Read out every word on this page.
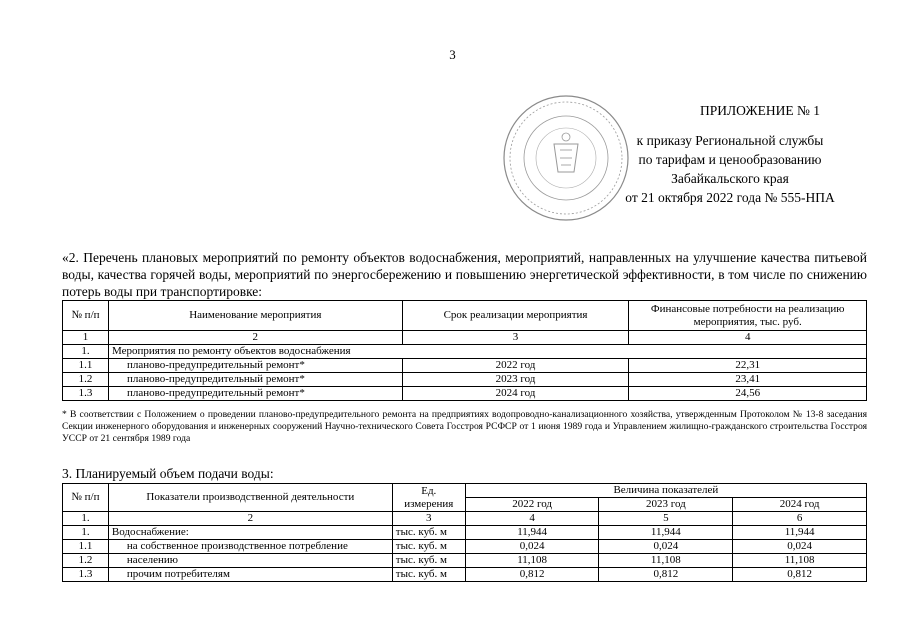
3
ПРИЛОЖЕНИЕ № 1
к приказу Региональной службы
по тарифам и ценообразованию
Забайкальского края
от 21 октября 2022 года № 555-НПА
«2. Перечень плановых мероприятий по ремонту объектов водоснабжения, мероприятий, направленных на улучшение качества питьевой воды, качества горячей воды, мероприятий по энергосбережению и повышению энергетической эффективности, в том числе по снижению потерь воды при транспортировке:
№ п/п	Наименование мероприятия	Срок реализации мероприятия	Финансовые потребности на реализацию мероприятия, тыс. руб.
1	2	3	4
1.	Мероприятия по ремонту объектов водоснабжения		
1.1	планово-предупредительный ремонт*	2022 год	22,31
1.2	планово-предупредительный ремонт*	2023 год	23,41
1.3	планово-предупредительный ремонт*	2024 год	24,56
* В соответствии с Положением о проведении планово-предупредительного ремонта на предприятиях водопроводно-канализационного хозяйства, утвержденным Протоколом № 13-8 заседания Секции инженерного оборудования и инженерных сооружений Научно-технического Совета Госстроя РСФСР от 1 июня 1989 года и Управлением жилищно-гражданского строительства Госстроя УССР от 21 сентября 1989 года
3. Планируемый объем подачи воды:
№ п/п	Показатели производственной деятельности	Ед. измерения	Величина показателей		
			2022 год	2023 год	2024 год
1.	2	3	4	5	6
1.	Водоснабжение:	тыс. куб. м	11,944	11,944	11,944
1.1	на собственное производственное потребление	тыс. куб. м	0,024	0,024	0,024
1.2	населению	тыс. куб. м	11,108	11,108	11,108
1.3	прочим потребителям	тыс. куб. м	0,812	0,812	0,812
